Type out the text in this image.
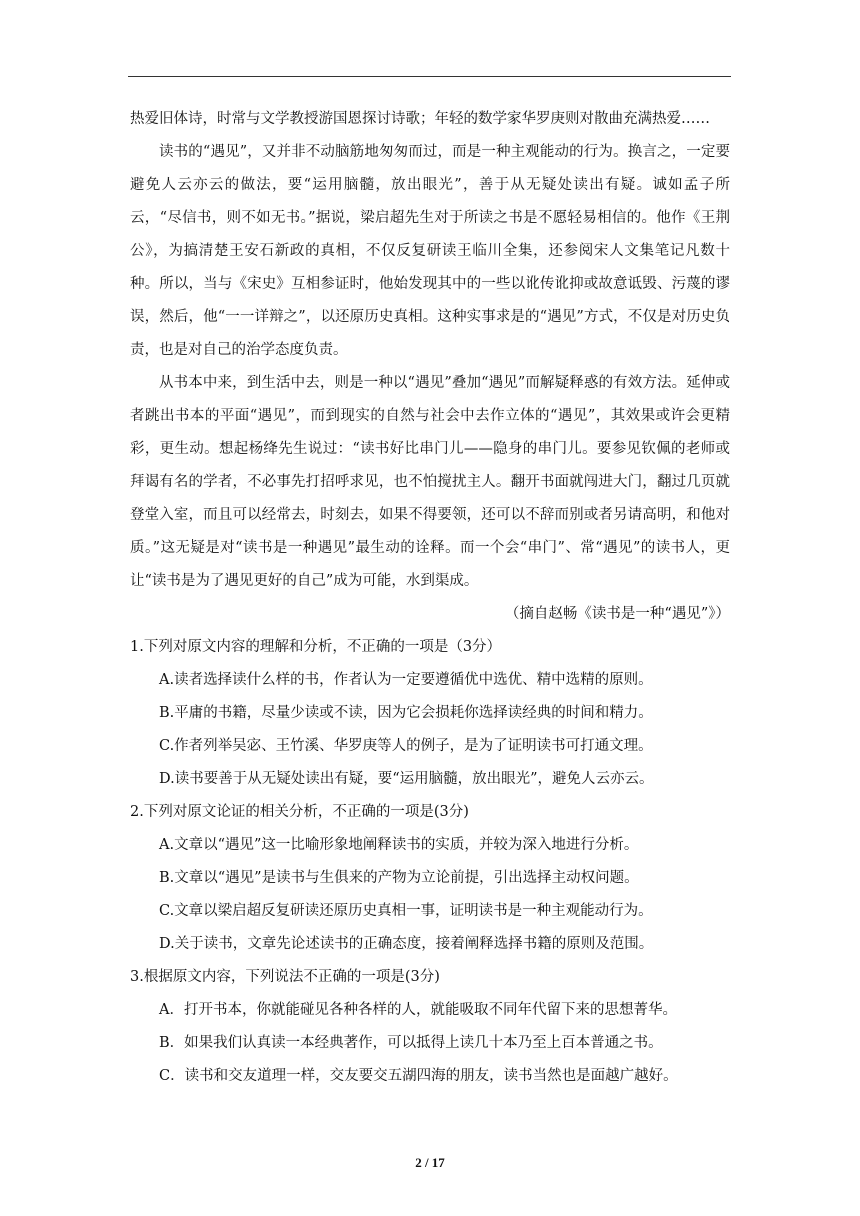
热爱旧体诗，时常与文学教授游国恩探讨诗歌；年轻的数学家华罗庚则对散曲充满热爱……

读书的“遇见”，又并非不动脑筋地匆匆而过，而是一种主观能动的行为。换言之，一定要避免人云亦云的做法，要“运用脑髓，放出眼光”，善于从无疑处读出有疑。诚如孟子所云，“尽信书，则不如无书。”据说，梁启超先生对于所读之书是不愿轻易相信的。他作《王荆公》，为搞清楚王安石新政的真相，不仅反复研读王临川全集，还参阅宋人文集笔记凡数十种。所以，当与《宋史》互相参证时，他始发现其中的一些以讹传讹抑或故意诋毁、污蔑的谬误，然后，他“一一详辩之”，以还原历史真相。这种实事求是的“遇见”方式，不仅是对历史负责，也是对自己的治学态度负责。

从书本中来，到生活中去，则是一种以“遇见”叠加“遇见”而解疑释惑的有效方法。延伸或者跳出书本的平面“遇见”，而到现实的自然与社会中去作立体的“遇见”，其效果或许会更精彩，更生动。想起杨绛先生说过：“读书好比串门儿——隐身的串门儿。要参见钦佩的老师或拜谒有名的学者，不必事先打招呼求见，也不怕搅扰主人。翻开书面就闯进大门，翻过几页就登堂入室，而且可以经常去，时刻去，如果不得要领，还可以不辞而别或者另请高明，和他对质。”这无疑是对“读书是一种遇见”最生动的诠释。而一个会“串门”、常“遇见”的读书人，更让“读书是为了遇见更好的自己”成为可能，水到渠成。

（摘自赵畅《读书是一种“遇见”》）

1.下列对原文内容的理解和分析，不正确的一项是（3分）

A.读者选择读什么样的书，作者认为一定要遵循优中选优、精中选精的原则。

B.平庸的书籍，尽量少读或不读，因为它会损耗你选择读经典的时间和精力。

C.作者列举吴宓、王竹溪、华罗庚等人的例子，是为了证明读书可打通文理。

D.读书要善于从无疑处读出有疑，要“运用脑髓，放出眼光”，避免人云亦云。

2.下列对原文论证的相关分析，不正确的一项是(3分)

A.文章以“遇见”这一比喻形象地阐释读书的实质，并较为深入地进行分析。

B.文章以“遇见”是读书与生俱来的产物为立论前提，引出选择主动权问题。

C.文章以梁启超反复研读还原历史真相一事，证明读书是一种主观能动行为。

D.关于读书，文章先论述读书的正确态度，接着阐释选择书籍的原则及范围。

3.根据原文内容，下列说法不正确的一项是(3分)

A．打开书本，你就能碰见各种各样的人，就能吸取不同年代留下来的思想菁华。

B．如果我们认真读一本经典著作，可以抵得上读几十本乃至上百本普通之书。

C．读书和交友道理一样，交友要交五湖四海的朋友，读书当然也是面越广越好。

2 / 17
